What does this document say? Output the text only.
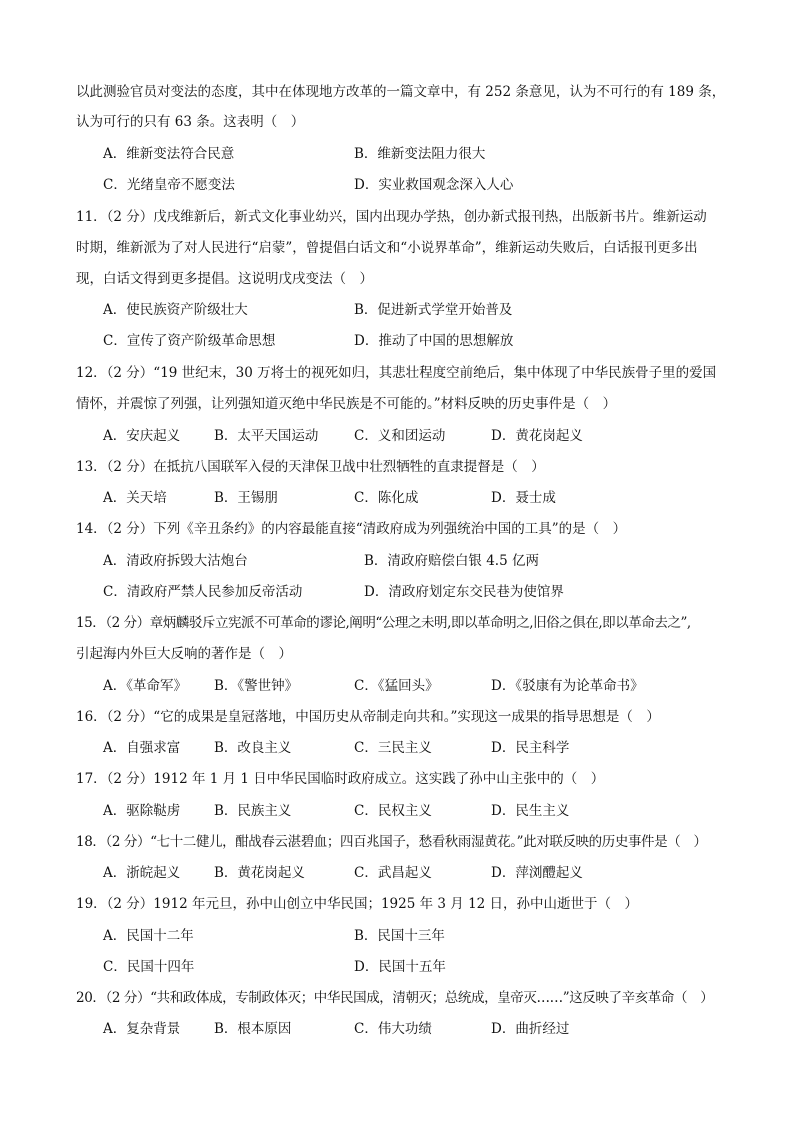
以此测验官员对变法的态度，其中在体现地方改革的一篇文章中，有 252 条意见，认为不可行的有 189 条，
认为可行的只有 63 条。这表明（　）
A．维新变法符合民意	B．维新变法阻力很大
C．光绪皇帝不愿变法	D．实业救国观念深入人心
11．（2 分）戊戌维新后，新式文化事业幼兴，国内出现办学热，创办新式报刊热，出版新书片。维新运动
时期，维新派为了对人民进行“启蒙”，曾提倡白话文和“小说界革命”，维新运动失败后，白话报刊更多出
现，白话文得到更多提倡。这说明戊戌变法（　）
A．使民族资产阶级壮大	B．促进新式学堂开始普及
C．宣传了资产阶级革命思想	D．推动了中国的思想解放
12．（2 分）“19 世纪末，30 万将士的视死如归，其悲壮程度空前绝后，集中体现了中华民族骨子里的爱国
情怀，并震惊了列强，让列强知道灭绝中华民族是不可能的。”材料反映的历史事件是（　）
A．安庆起义	B．太平天国运动	C．义和团运动	D．黄花岗起义
13．（2 分）在抵抗八国联军入侵的天津保卫战中壮烈牺牲的直隶提督是（　）
A．关天培	B．王锡朋	C．陈化成	D．聂士成
14．（2 分）下列《辛丑条约》的内容最能直接“清政府成为列强统治中国的工具”的是（　）
A．清政府拆毁大沽炮台	B．清政府赔偿白银 4.5 亿两
C．清政府严禁人民参加反帝活动	D．清政府划定东交民巷为使馆界
15．（2 分）章炳麟驳斥立宪派不可革命的谬论,阐明“公理之未明,即以革命明之,旧俗之俱在,即以革命去之”,
引起海内外巨大反响的著作是（　）
A．《革命军》 B．《警世钟》	C．《猛回头》	D．《驳康有为论革命书》
16．（2 分）“它的成果是皇冠落地，中国历史从帝制走向共和。”实现这一成果的指导思想是（　）
A．自强求富	B．改良主义	C．三民主义	D．民主科学
17．（2 分）1912 年 1 月 1 日中华民国临时政府成立。这实践了孙中山主张中的（　）
A．驱除鞑虏	B．民族主义	C．民权主义	D．民生主义
18．（2 分）“七十二健儿，酣战春云湛碧血；四百兆国子，愁看秋雨湿黄花。”此对联反映的历史事件是（　）
A．浙皖起义	B．黄花岗起义	C．武昌起义	D．萍浏醴起义
19．（2 分）1912 年元旦，孙中山创立中华民国；1925 年 3 月 12 日，孙中山逝世于（　）
A．民国十二年	B．民国十三年
C．民国十四年	D．民国十五年
20．（2 分）“共和政体成，专制政体灭；中华民国成，清朝灭；总统成，皇帝灭……”这反映了辛亥革命（　）
A．复杂背景	B．根本原因	C．伟大功绩	D．曲折经过
